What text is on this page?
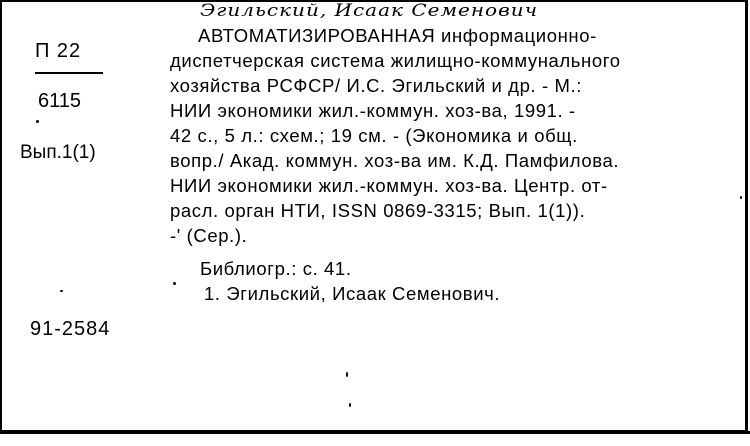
Эгильский, Исаак Семенович
П 22
6115
Вып.1(1)
91-2584
АВТОМАТИЗИРОВАННАЯ информационно-
диспетчерская система жилищно-коммунального
хозяйства РСФСР/ И.С. Эгильский и др. - М.:
НИИ экономики жил.-коммун. хоз-ва, 1991. -
42 с., 5 л.: схем.; 19 см. - (Экономика и общ.
вопр./ Акад. коммун. хоз-ва им. К.Д. Памфилова.
НИИ экономики жил.-коммун. хоз-ва. Центр. от-
расл. орган НТИ, ISSN 0869-3315; Вып. 1(1)).
-' (Сер.).
Библиогр.: с. 41.
1. Эгильский, Исаак Семенович.
